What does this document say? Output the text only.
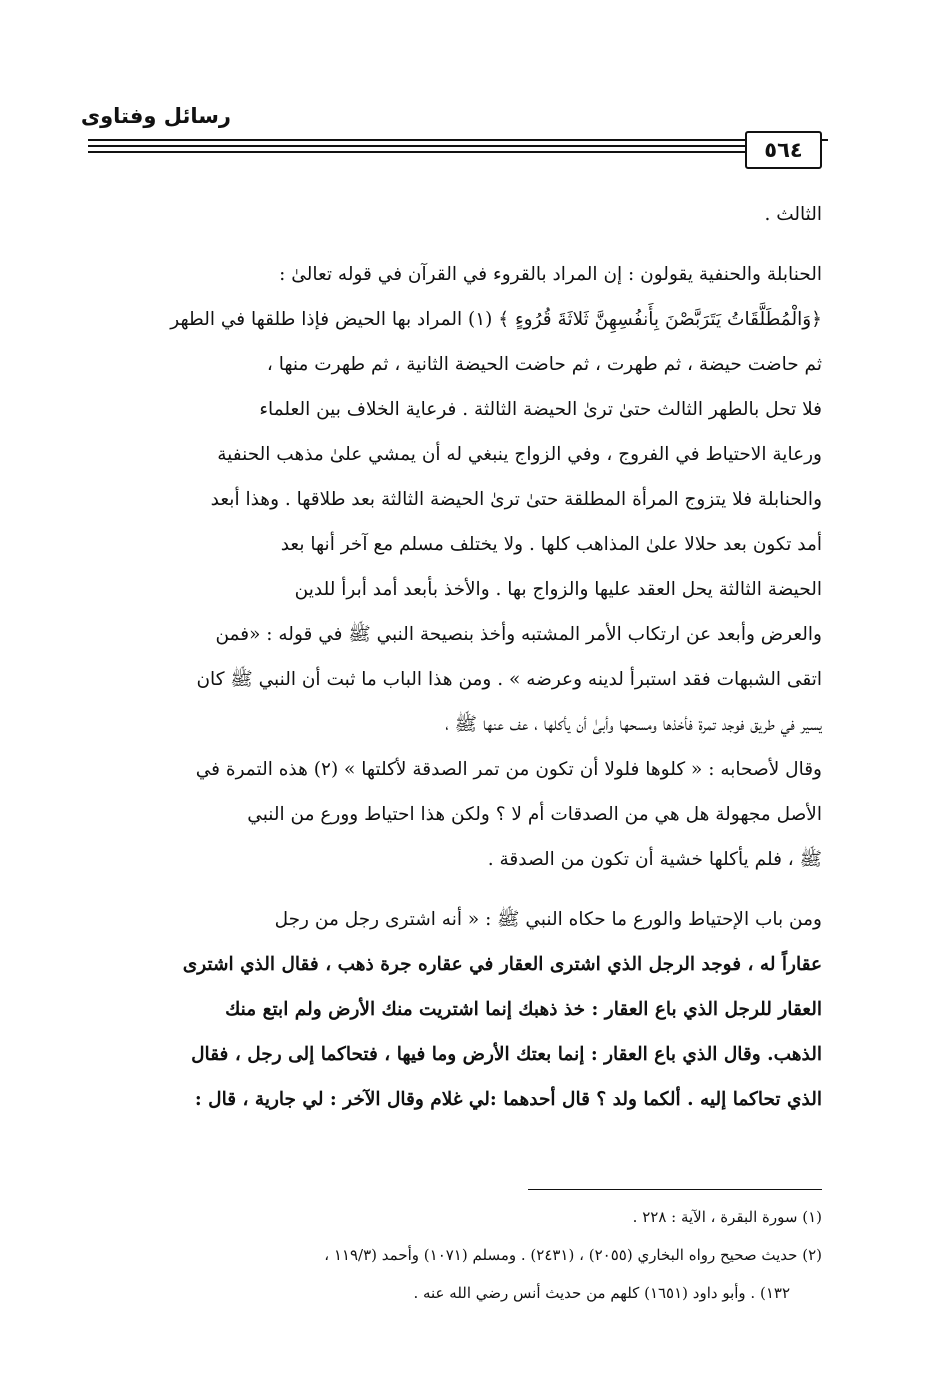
رسائل وفتاوى
٥٦٤
الثالث .
الحنابلة والحنفية يقولون : إن المراد بالقروء في القرآن في قوله تعالىٰ :
﴿وَالْمُطَلَّقَاتُ يَتَرَبَّصْنَ بِأَنفُسِهِنَّ ثَلاثَةَ قُرُوءٍ ﴾ (١) المراد بها الحيض فإذا طلقها في الطهر
ثم حاضت حيضة ، ثم طهرت ، ثم حاضت الحيضة الثانية ، ثم طهرت منها ،
فلا تحل بالطهر الثالث حتىٰ ترىٰ الحيضة الثالثة . فرعاية الخلاف بين العلماء
ورعاية الاحتياط في الفروج ، وفي الزواج ينبغي له أن يمشي علىٰ مذهب الحنفية
والحنابلة فلا يتزوج المرأة المطلقة حتىٰ ترىٰ الحيضة الثالثة بعد طلاقها . وهذا أبعد
أمد تكون بعد حلالا علىٰ المذاهب كلها . ولا يختلف مسلم مع آخر أنها بعد
الحيضة الثالثة يحل العقد عليها والزواج بها . والأخذ بأبعد أمد أبرأ للدين
والعرض وأبعد عن ارتكاب الأمر المشتبه وأخذ بنصيحة النبي ﷺ في قوله : «فمن
اتقى الشبهات فقد استبرأ لدينه وعرضه » . ومن هذا الباب ما ثبت أن النبي ﷺ كان
يسير في طريق فوجد تمرة فأخذها ومسحها وأبىٰ أن يأكلها ، عف عنها ﷺ ،
وقال لأصحابه : « كلوها فلولا أن تكون من تمر الصدقة لأكلتها » (٢) هذه التمرة في
الأصل مجهولة هل هي من الصدقات أم لا ؟ ولكن هذا احتياط وورع من النبي
ﷺ ، فلم يأكلها خشية أن تكون من الصدقة .
ومن باب الإحتياط والورع ما حكاه النبي ﷺ : « أنه اشترى رجل من رجل
عقاراً له ، فوجد الرجل الذي اشترى العقار في عقاره جرة ذهب ، فقال الذي اشترى
العقار للرجل الذي باع العقار : خذ ذهبك إنما اشتريت منك الأرض ولم ابتع منك
الذهب. وقال الذي باع العقار : إنما بعتك الأرض وما فيها ، فتحاكما إلى رجل ، فقال
الذي تحاكما إليه . ألكما ولد ؟ قال أحدهما :لي غلام وقال الآخر : لي جارية ، قال :
(١) سورة البقرة ، الآية : ٢٢٨ .
(٢) حديث صحيح رواه البخاري (٢٠٥٥) ، (٢٤٣١) . ومسلم (١٠٧١) وأحمد (١١٩/٣ ،
١٣٢) . وأبو داود (١٦٥١) كلهم من حديث أنس رضي الله عنه .
